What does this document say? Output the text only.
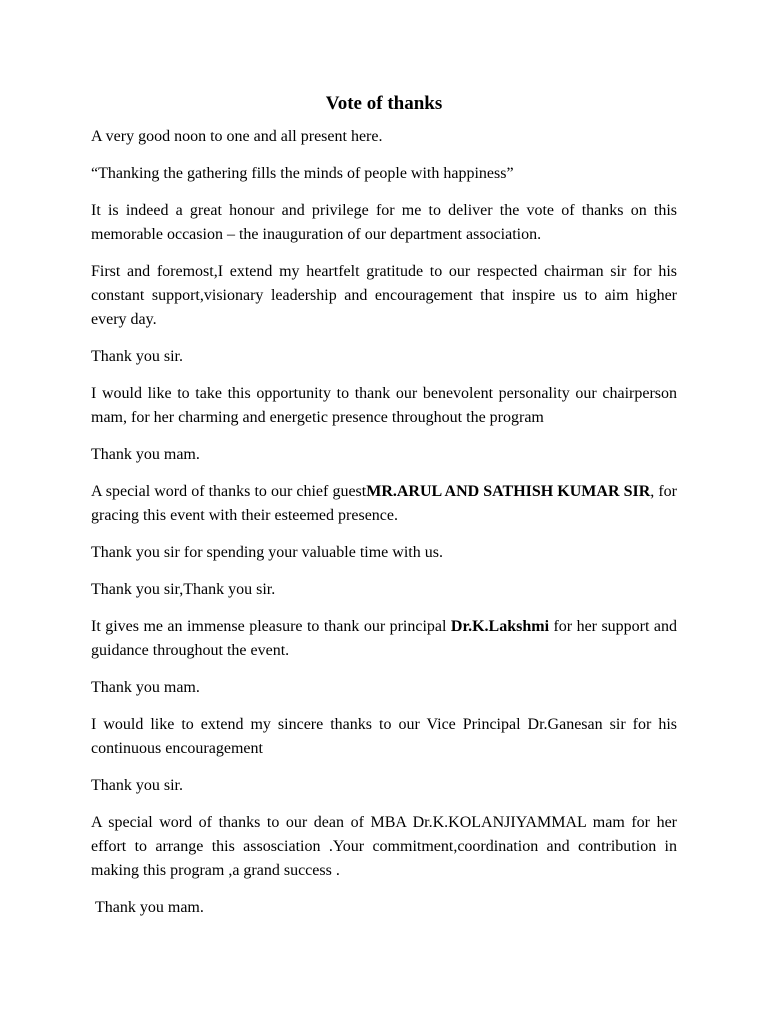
Vote of thanks

A very good noon to one and all present here.

“Thanking the gathering fills the minds of people with happiness”

It is indeed a great honour and privilege for me to deliver the vote of thanks on this memorable occasion – the inauguration of our department association.

First and foremost,I extend my heartfelt gratitude to our respected chairman sir for his constant support,visionary leadership and encouragement that inspire us to aim higher every day.

Thank you sir.

I would like to take this opportunity to thank our benevolent personality our chairperson mam, for her charming and energetic presence throughout the program

Thank you mam.

A special word of thanks to our chief guestMR.ARUL AND SATHISH KUMAR SIR, for gracing this event with their esteemed presence.

Thank you sir for spending your valuable time with us.

Thank you sir,Thank you sir.

It gives me an immense pleasure to thank our principal Dr.K.Lakshmi for her support and guidance throughout the event.

Thank you mam.

I would like to extend my sincere thanks to our Vice Principal Dr.Ganesan sir for his continuous encouragement

Thank you sir.

A special word of thanks to our dean of MBA Dr.K.KOLANJIYAMMAL mam for her effort to arrange this assosciation .Your commitment,coordination and contribution in making this program ,a grand success .

Thank you mam.
